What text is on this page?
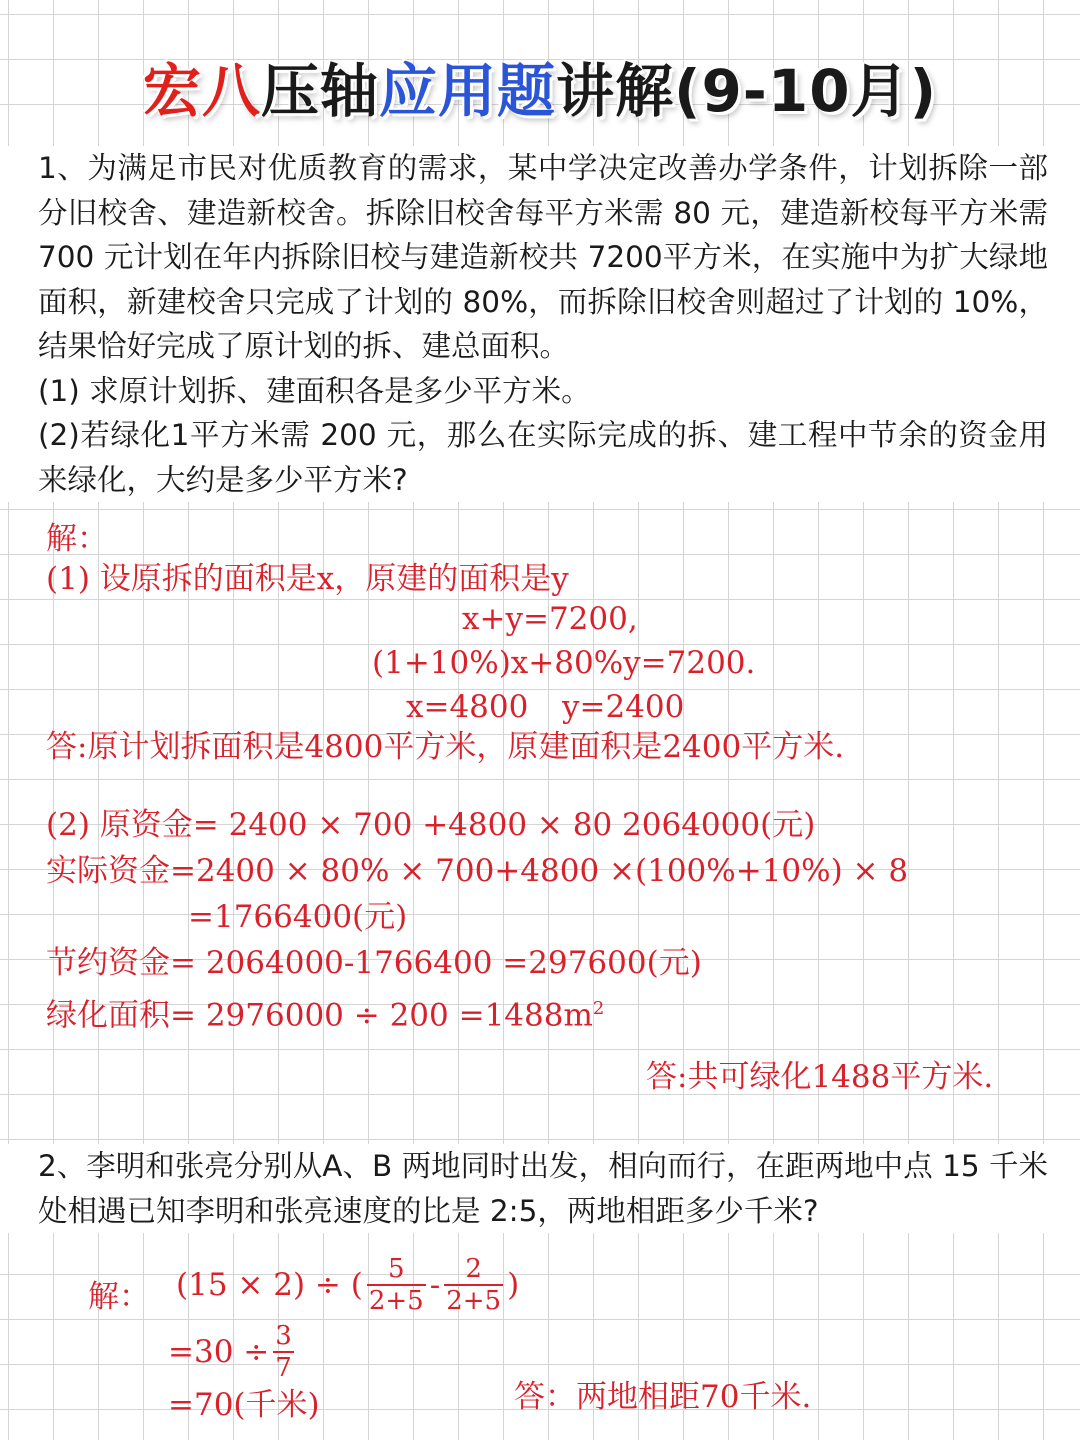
宏八压轴应用题讲解(9-10月)

1、为满足市民对优质教育的需求，某中学决定改善办学条件，计划拆除一部分旧校舍、建造新校舍。拆除旧校舍每平方米需 80 元，建造新校每平方米需 700 元计划在年内拆除旧校与建造新校共 7200平方米，在实施中为扩大绿地面积，新建校舍只完成了计划的 80%，而拆除旧校舍则超过了计划的 10%，结果恰好完成了原计划的拆、建总面积。

(1) 求原计划拆、建面积各是多少平方米。

(2)若绿化1平方米需 200 元，那么在实际完成的拆、建工程中节余的资金用来绿化，大约是多少平方米?

解：
(1) 设原拆的面积是x，原建的面积是y
x+y=7200,
(1+10%)x+80%y=7200.
x=4800 y=2400
答:原计划拆面积是4800平方米，原建面积是2400平方米.
(2) 原资金= 2400 × 700 +4800 × 80 2064000(元)
实际资金=2400 × 80% × 700+4800 ×(100%+10%) × 8
=1766400(元)
节约资金= 2064000-1766400 =297600(元)
绿化面积= $2976000 \div 200 =1488m^2$
答:共可绿化1488平方米.

2、李明和张亮分别从A、B 两地同时出发，相向而行，在距两地中点 15 千米处相遇已知李明和张亮速度的比是 2:5，两地相距多少千米?

解： (15 × 2) ÷ ( $\frac{5}{2+5} - \frac{2}{2+5}$ )
$=30 \div \frac{3}{7}$
=70(千米)	答：两地相距70千米.
